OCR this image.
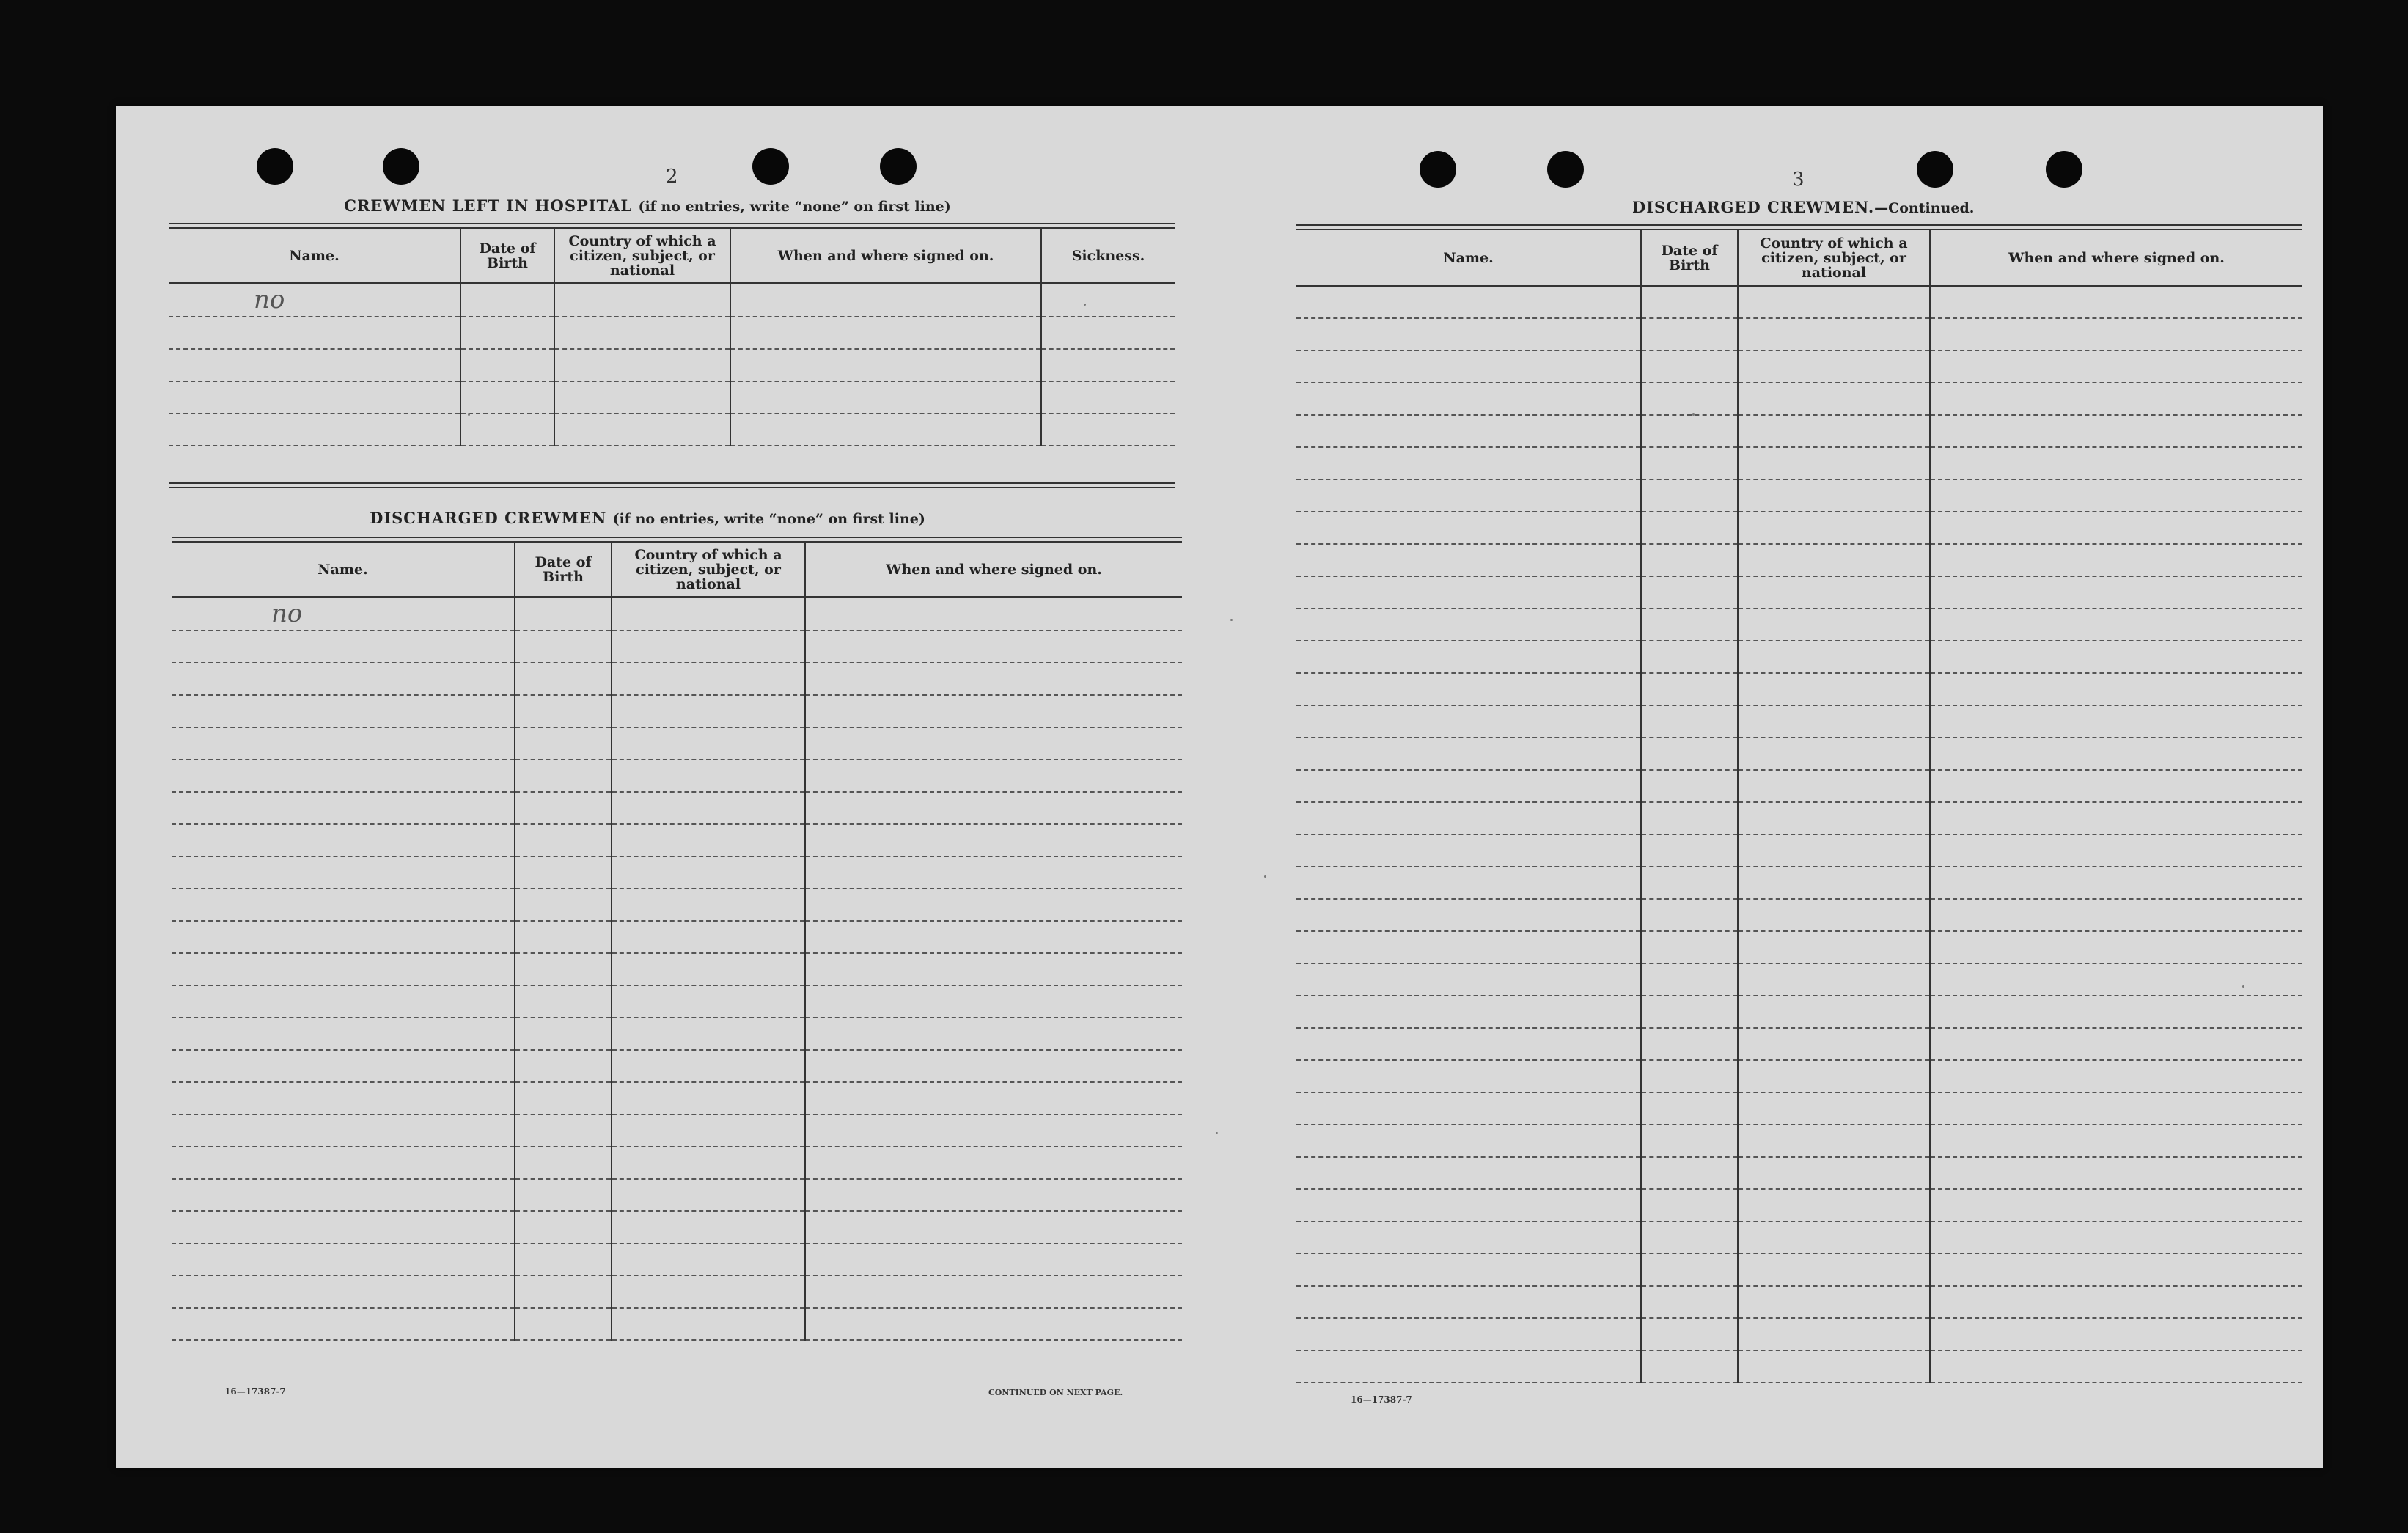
2
CREWMEN LEFT IN HOSPITAL (if no entries, write “none” on first line)
Name.	Date of Birth	Country of which a citizen, subject, or national	When and where signed on.	Sickness.
no				

DISCHARGED CREWMEN (if no entries, write “none” on first line)
Name.	Date of Birth	Country of which a citizen, subject, or national	When and where signed on.
no			

16—17387-7	CONTINUED ON NEXT PAGE.
3
DISCHARGED CREWMEN.—Continued.
Name.	Date of Birth	Country of which a citizen, subject, or national	When and where signed on.

16—17387-7
